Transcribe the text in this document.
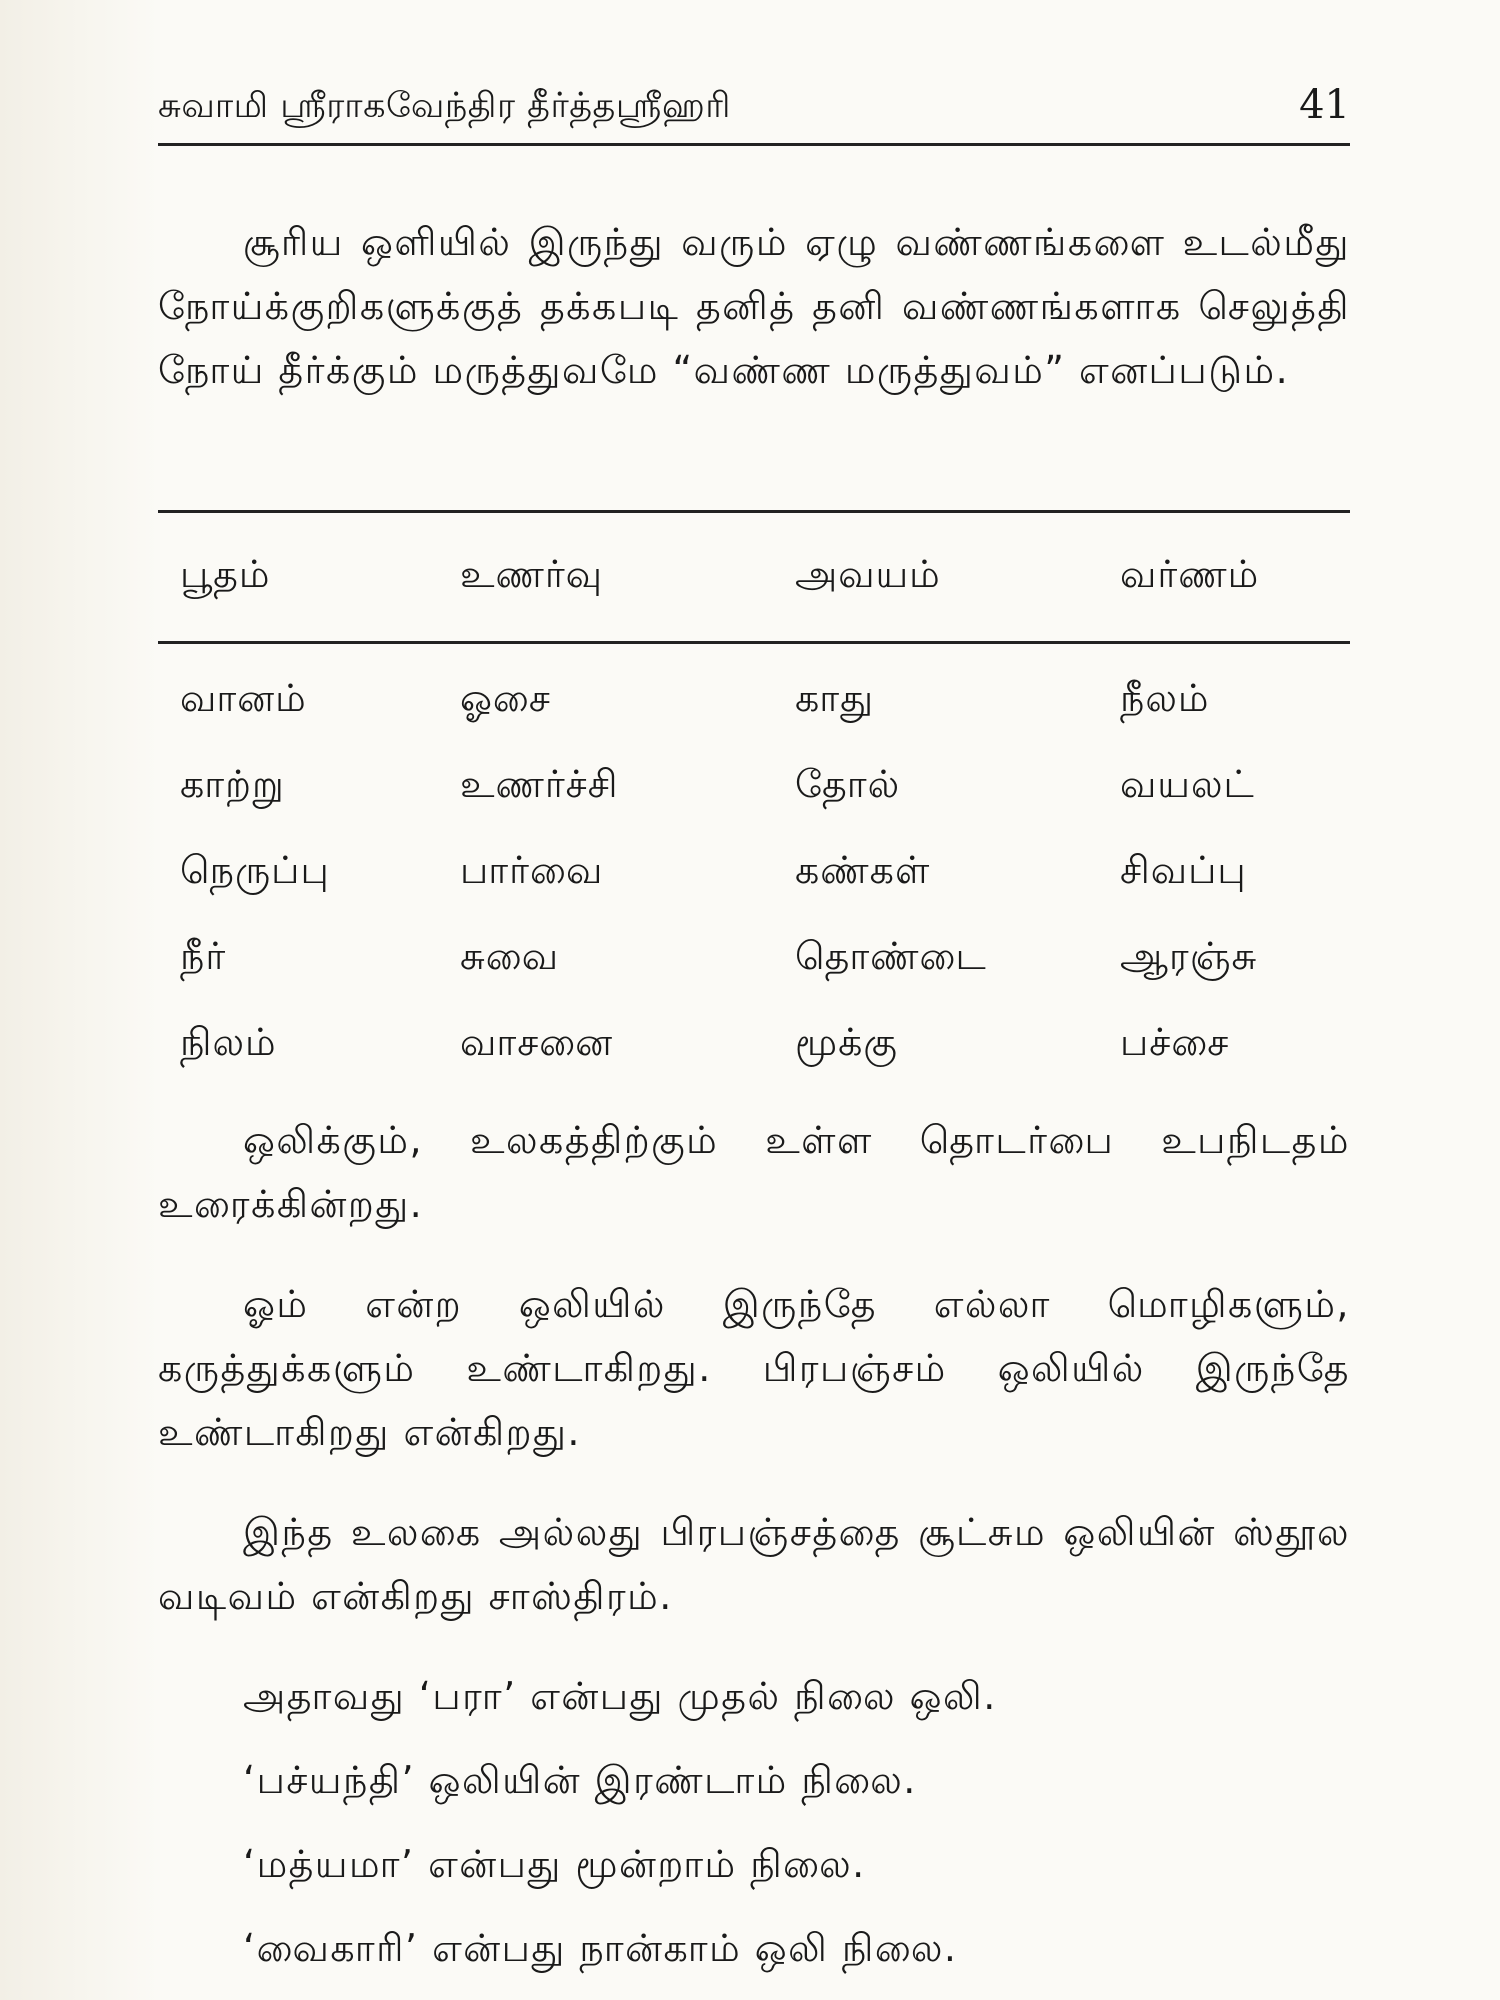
சுவாமி ஸ்ரீராகவேந்திர தீர்த்தஸ்ரீஹரி	41

சூரிய ஒளியில் இருந்து வரும் ஏழு வண்ணங்களை உடல்மீது நோய்க்குறிகளுக்குத் தக்கபடி தனித் தனி வண்ணங்களாக செலுத்தி நோய் தீர்க்கும் மருத்துவமே “வண்ண மருத்துவம்” எனப்படும்.

பூதம்	உணர்வு	அவயம்	வர்ணம்
வானம்	ஓசை	காது	நீலம்
காற்று	உணர்ச்சி	தோல்	வயலட்
நெருப்பு	பார்வை	கண்கள்	சிவப்பு
நீர்	சுவை	தொண்டை	ஆரஞ்சு
நிலம்	வாசனை	மூக்கு	பச்சை

ஒலிக்கும், உலகத்திற்கும் உள்ள தொடர்பை உபநிடதம் உரைக்கின்றது.

ஓம் என்ற ஒலியில் இருந்தே எல்லா மொழிகளும், கருத்துக்களும் உண்டாகிறது. பிரபஞ்சம் ஒலியில் இருந்தே உண்டாகிறது என்கிறது.

இந்த உலகை அல்லது பிரபஞ்சத்தை சூட்சும ஒலியின் ஸ்தூல வடிவம் என்கிறது சாஸ்திரம்.

அதாவது ‘பரா’ என்பது முதல் நிலை ஒலி.

‘பச்யந்தி’ ஒலியின் இரண்டாம் நிலை.

‘மத்யமா’ என்பது மூன்றாம் நிலை.

‘வைகாரி’ என்பது நான்காம் ஒலி நிலை.
